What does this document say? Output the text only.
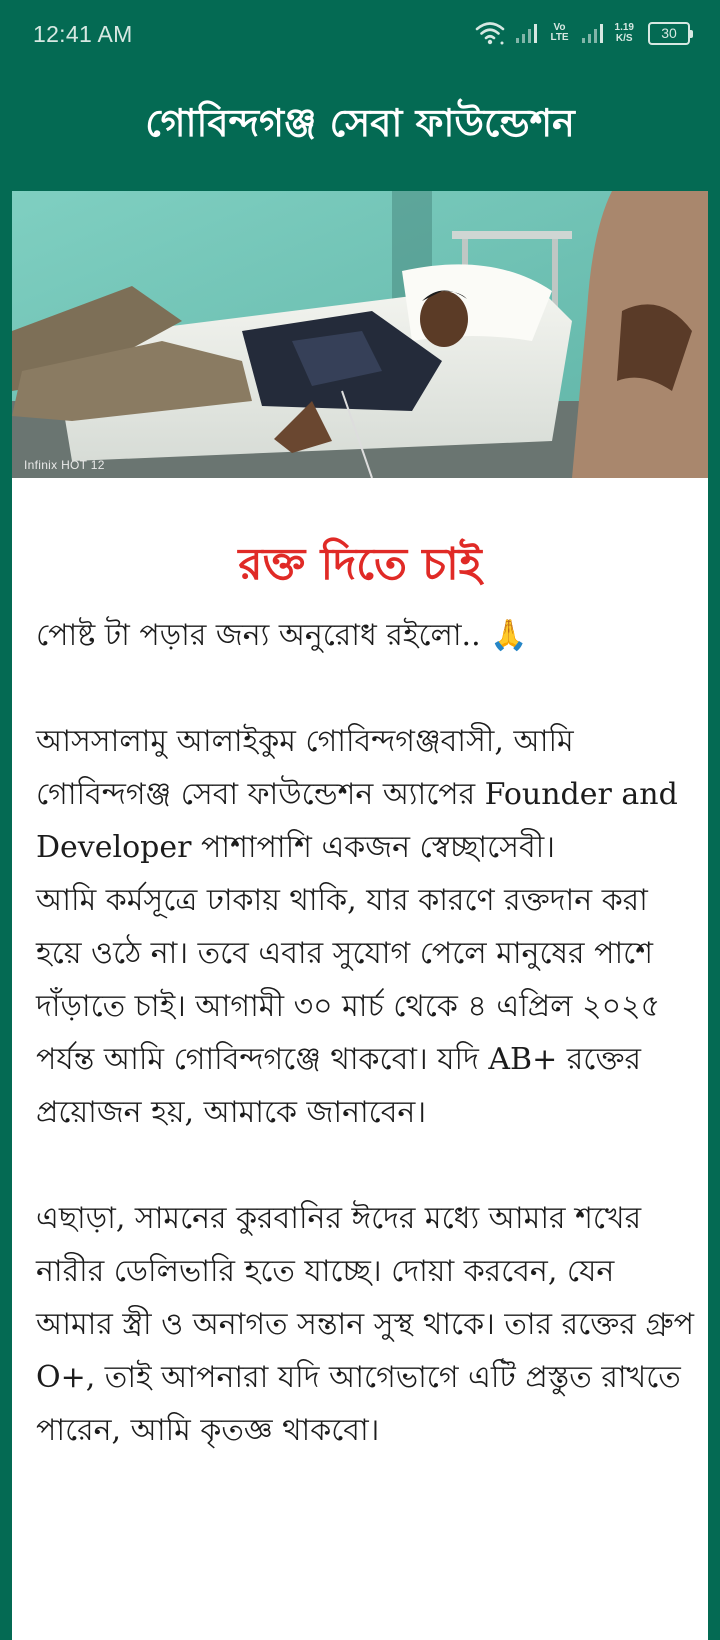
12:41 AM	Vo LTE
1.19
K/S	30
গোবিন্দগঞ্জ সেবা ফাউন্ডেশন
Infinix HOT 12
রক্ত দিতে চাই

পোষ্ট টা পড়ার জন্য অনুরোধ রইলো.. 🙏

আসসালামু আলাইকুম গোবিন্দগঞ্জবাসী, আমি গোবিন্দগঞ্জ সেবা ফাউন্ডেশন অ্যাপের Founder and Developer পাশাপাশি একজন স্বেচ্ছাসেবী।

আমি কর্মসূত্রে ঢাকায় থাকি, যার কারণে রক্তদান করা হয়ে ওঠে না। তবে এবার সুযোগ পেলে মানুষের পাশে দাঁড়াতে চাই। আগামী ৩০ মার্চ থেকে ৪ এপ্রিল ২০২৫ পর্যন্ত আমি গোবিন্দগঞ্জে থাকবো। যদি AB+ রক্তের প্রয়োজন হয়, আমাকে জানাবেন।

এছাড়া, সামনের কুরবানির ঈদের মধ্যে আমার শখের নারীর ডেলিভারি হতে যাচ্ছে। দোয়া করবেন, যেন আমার স্ত্রী ও অনাগত সন্তান সুস্থ থাকে। তার রক্তের গ্রুপ O+, তাই আপনারা যদি আগেভাগে এটি প্রস্তুত রাখতে পারেন, আমি কৃতজ্ঞ থাকবো।
